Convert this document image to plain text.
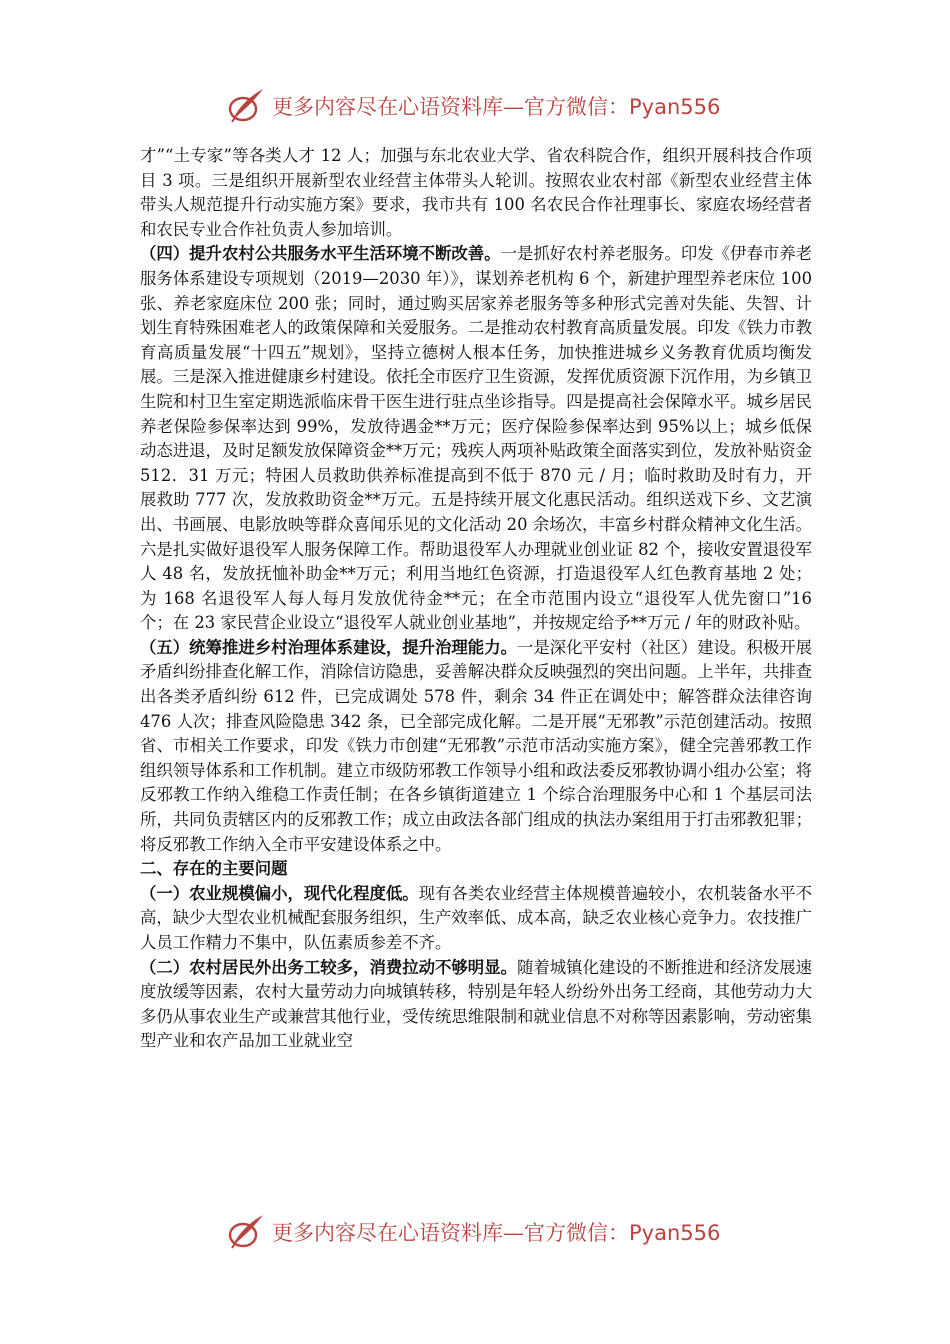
更多内容尽在心语资料库—官方微信：Pyan556

才”“土专家”等各类人才 12 人；加强与东北农业大学、省农科院合作，组织开展科技合作项目 3 项。三是组织开展新型农业经营主体带头人轮训。按照农业农村部《新型农业经营主体带头人规范提升行动实施方案》要求，我市共有 100 名农民合作社理事长、家庭农场经营者和农民专业合作社负责人参加培训。

（四）提升农村公共服务水平生活环境不断改善。一是抓好农村养老服务。印发《伊春市养老服务体系建设专项规划（2019—2030 年）》，谋划养老机构 6 个，新建护理型养老床位 100 张、养老家庭床位 200 张；同时，通过购买居家养老服务等多种形式完善对失能、失智、计划生育特殊困难老人的政策保障和关爱服务。二是推动农村教育高质量发展。印发《铁力市教育高质量发展“十四五”规划》，坚持立德树人根本任务，加快推进城乡义务教育优质均衡发展。三是深入推进健康乡村建设。依托全市医疗卫生资源，发挥优质资源下沉作用，为乡镇卫生院和村卫生室定期选派临床骨干医生进行驻点坐诊指导。四是提高社会保障水平。城乡居民养老保险参保率达到 99%，发放待遇金**万元；医疗保险参保率达到 95%以上；城乡低保动态进退，及时足额发放保障资金**万元；残疾人两项补贴政策全面落实到位，发放补贴资金 512．31 万元；特困人员救助供养标准提高到不低于 870 元 / 月；临时救助及时有力，开展救助 777 次，发放救助资金**万元。五是持续开展文化惠民活动。组织送戏下乡、文艺演出、书画展、电影放映等群众喜闻乐见的文化活动 20 余场次，丰富乡村群众精神文化生活。六是扎实做好退役军人服务保障工作。帮助退役军人办理就业创业证 82 个，接收安置退役军人 48 名，发放抚恤补助金**万元；利用当地红色资源，打造退役军人红色教育基地 2 处；为 168 名退役军人每人每月发放优待金**元；在全市范围内设立“退役军人优先窗口”16 个；在 23 家民营企业设立“退役军人就业创业基地”，并按规定给予**万元 / 年的财政补贴。

（五）统筹推进乡村治理体系建设，提升治理能力。一是深化平安村（社区）建设。积极开展矛盾纠纷排查化解工作，消除信访隐患，妥善解决群众反映强烈的突出问题。上半年，共排查出各类矛盾纠纷 612 件，已完成调处 578 件，剩余 34 件正在调处中；解答群众法律咨询 476 人次；排查风险隐患 342 条，已全部完成化解。二是开展“无邪教”示范创建活动。按照省、市相关工作要求，印发《铁力市创建“无邪教”示范市活动实施方案》，健全完善邪教工作组织领导体系和工作机制。建立市级防邪教工作领导小组和政法委反邪教协调小组办公室；将反邪教工作纳入维稳工作责任制；在各乡镇街道建立 1 个综合治理服务中心和 1 个基层司法所，共同负责辖区内的反邪教工作；成立由政法各部门组成的执法办案组用于打击邪教犯罪；将反邪教工作纳入全市平安建设体系之中。

二、存在的主要问题

（一）农业规模偏小，现代化程度低。现有各类农业经营主体规模普遍较小，农机装备水平不高，缺少大型农业机械配套服务组织，生产效率低、成本高，缺乏农业核心竞争力。农技推广人员工作精力不集中，队伍素质参差不齐。

（二）农村居民外出务工较多，消费拉动不够明显。随着城镇化建设的不断推进和经济发展速度放缓等因素，农村大量劳动力向城镇转移，特别是年轻人纷纷外出务工经商，其他劳动力大多仍从事农业生产或兼营其他行业，受传统思维限制和就业信息不对称等因素影响，劳动密集型产业和农产品加工业就业空

更多内容尽在心语资料库—官方微信：Pyan556
